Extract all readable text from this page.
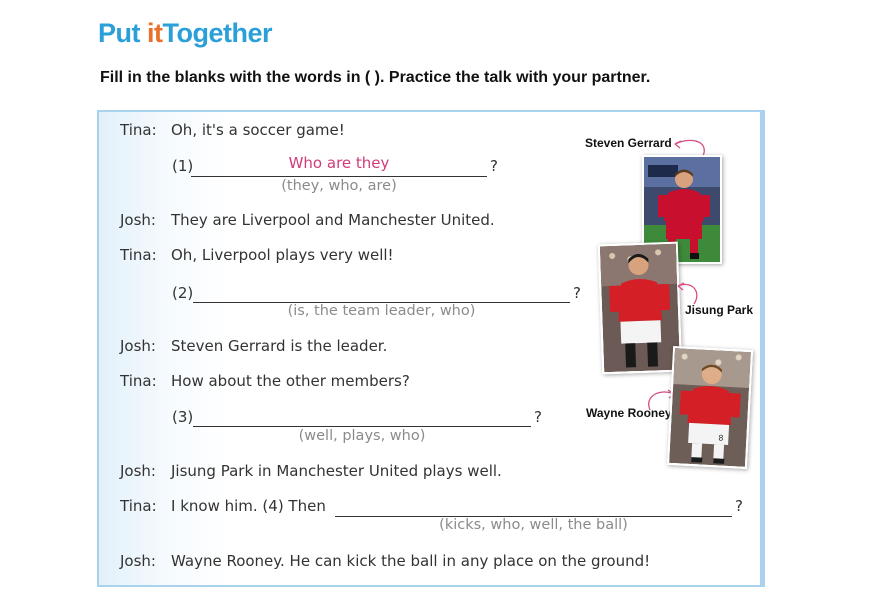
Put itTogether
Fill in the blanks with the words in ( ). Practice the talk with your partner.
Tina: Oh, it's a soccer game!
(1)	Who are they	?
(they, who, are)
Josh: They are Liverpool and Manchester United.
Tina: Oh, Liverpool plays very well!
(2)	?
(is, the team leader, who)
Josh: Steven Gerrard is the leader.
Tina: How about the other members?
(3)	?
(well, plays, who)
Josh: Jisung Park in Manchester United plays well.
Tina: I know him. (4) Then	?
(kicks, who, well, the ball)
Josh: Wayne Rooney. He can kick the ball in any place on the ground!
Steven Gerrard
Jisung Park
Wayne Rooney
8
